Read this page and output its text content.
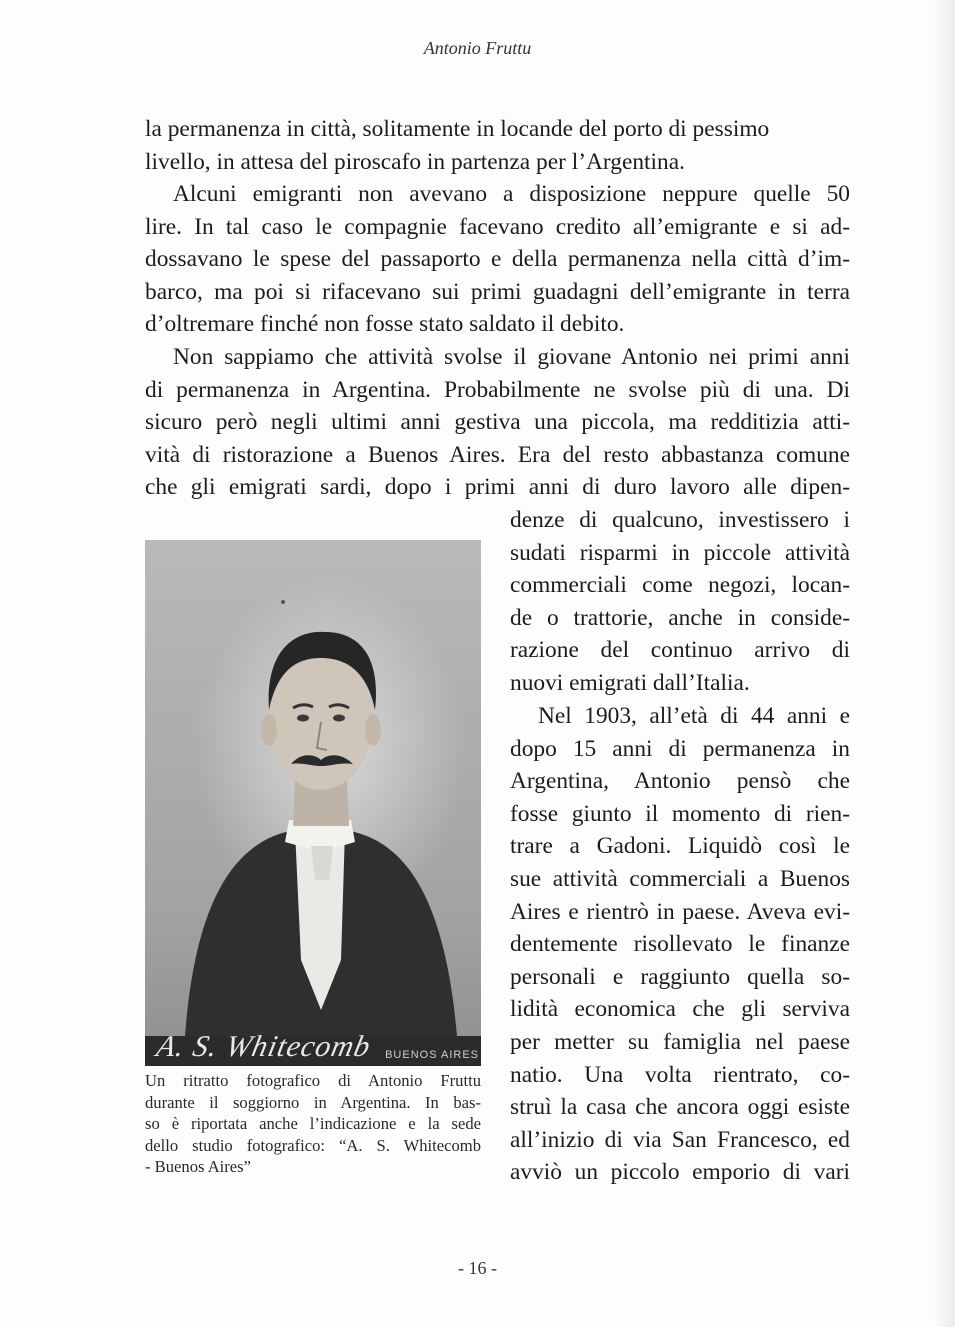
Antonio Fruttu

la permanenza in città, solitamente in locande del porto di pessimo
livello, in attesa del piroscafo in partenza per l’Argentina.

Alcuni emigranti non avevano a disposizione neppure quelle 50
lire. In tal caso le compagnie facevano credito all’emigrante e si ad-
dossavano le spese del passaporto e della permanenza nella città d’im-
barco, ma poi si rifacevano sui primi guadagni dell’emigrante in terra
d’oltremare finché non fosse stato saldato il debito.

Non sappiamo che attività svolse il giovane Antonio nei primi anni
di permanenza in Argentina. Probabilmente ne svolse più di una. Di
sicuro però negli ultimi anni gestiva una piccola, ma redditizia atti-
vità di ristorazione a Buenos Aires. Era del resto abbastanza comune
che gli emigrati sardi, dopo i primi anni di duro lavoro alle dipen-

denze di qualcuno, investissero i
sudati risparmi in piccole attività
commerciali come negozi, locan-
de o trattorie, anche in conside-
razione del continuo arrivo di
nuovi emigrati dall’Italia.

Nel 1903, all’età di 44 anni e
dopo 15 anni di permanenza in
Argentina, Antonio pensò che
fosse giunto il momento di rien-
trare a Gadoni. Liquidò così le
sue attività commerciali a Buenos
Aires e rientrò in paese. Aveva evi-
dentemente risollevato le finanze
personali e raggiunto quella so-
lidità economica che gli serviva
per metter su famiglia nel paese
natio. Una volta rientrato, co-
struì la casa che ancora oggi esiste
all’inizio di via San Francesco, ed
avviò un piccolo emporio di vari

A. S. Whitecomb BUENOS AIRES

Un ritratto fotografico di Antonio Fruttu
durante il soggiorno in Argentina. In bas-
so è riportata anche l’indicazione e la sede
dello studio fotografico: “A. S. Whitecomb
- Buenos Aires”

- 16 -
